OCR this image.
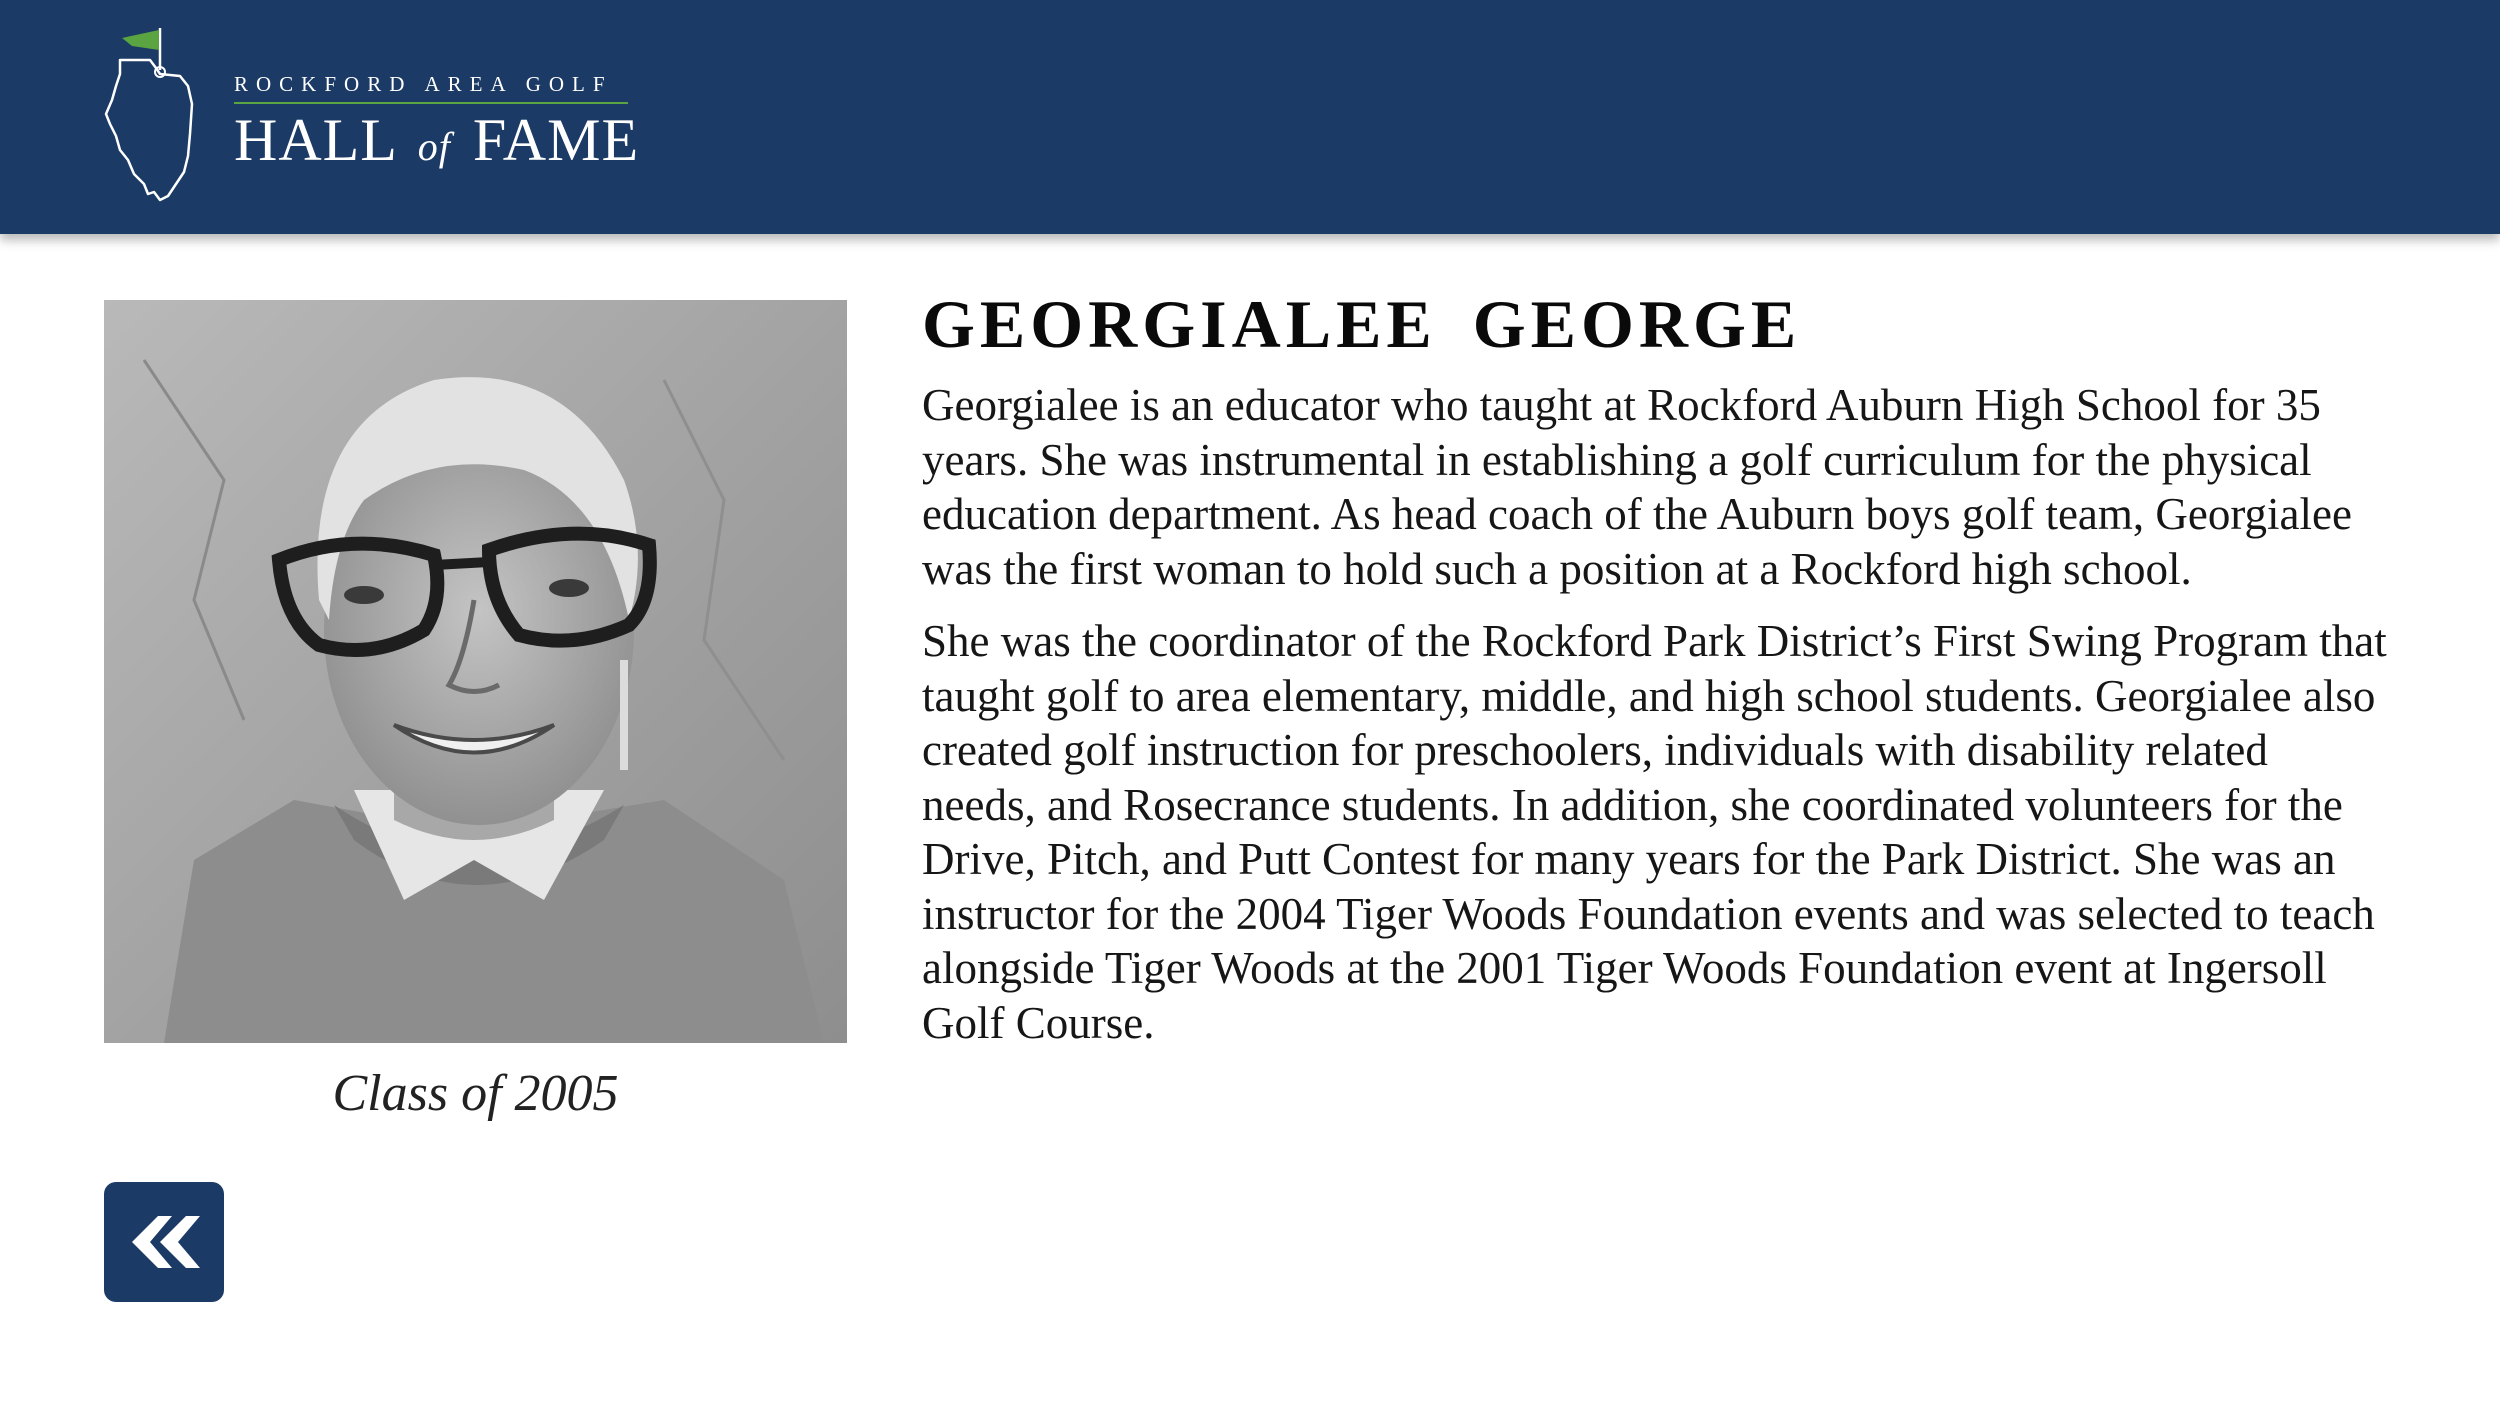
ROCKFORD AREA GOLF
HALL of FAME
Class of 2005
GEORGIALEE GEORGE

Georgialee is an educator who taught at Rockford Auburn High School for 35 years. She was instrumental in establishing a golf curriculum for the physical education department. As head coach of the Auburn boys golf team, Georgialee was the first woman to hold such a position at a Rockford high school.

She was the coordinator of the Rockford Park District’s First Swing Program that taught golf to area elementary, middle, and high school students. Georgialee also created golf instruction for preschoolers, individuals with disability related needs, and Rosecrance students. In addition, she coordinated volunteers for the Drive, Pitch, and Putt Contest for many years for the Park District. She was an instructor for the 2004 Tiger Woods Foundation events and was selected to teach alongside Tiger Woods at the 2001 Tiger Woods Foundation event at Ingersoll Golf Course.
